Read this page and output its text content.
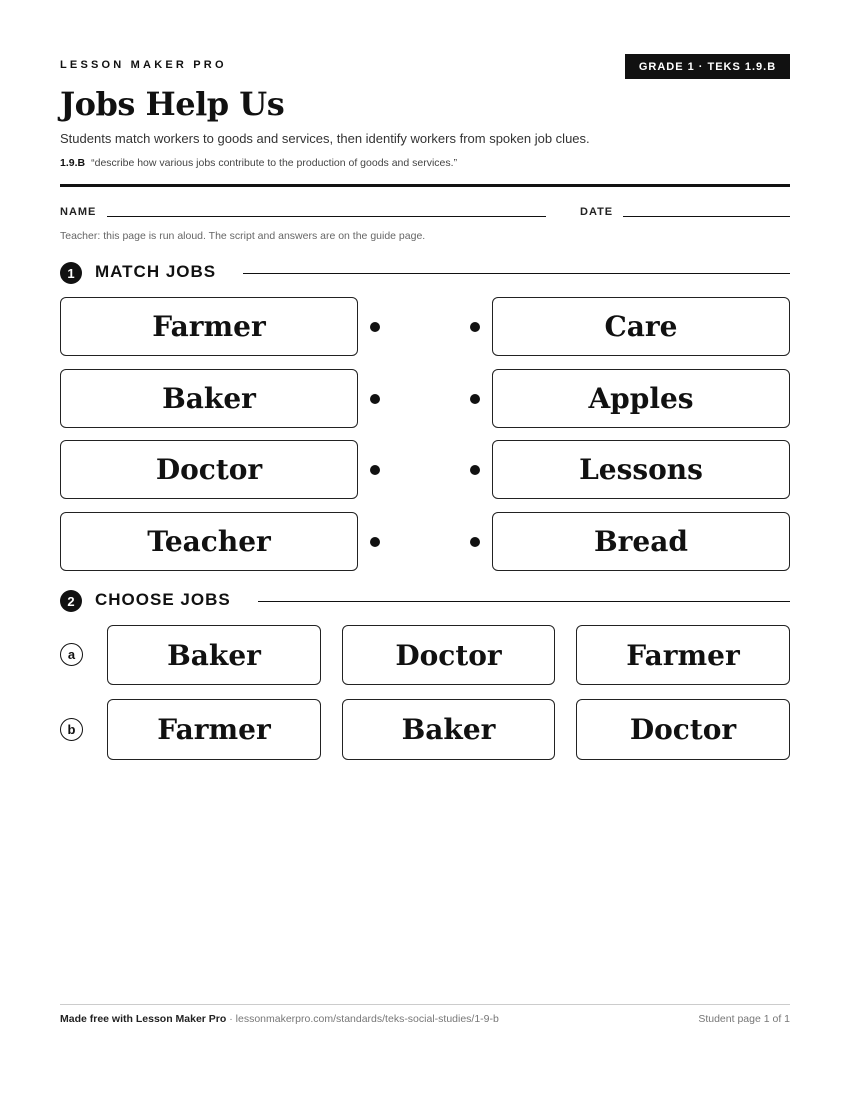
LESSON MAKER PRO	GRADE 1 · TEKS 1.9.B
Jobs Help Us
Students match workers to goods and services, then identify workers from spoken job clues.
1.9.B “describe how various jobs contribute to the production of goods and services.”
NAME	DATE
Teacher: this page is run aloud. The script and answers are on the guide page.
1	MATCH JOBS
Farmer	Care
Baker	Apples
Doctor	Lessons
Teacher	Bread
2	CHOOSE JOBS
a	Baker	Doctor	Farmer
b	Farmer	Baker	Doctor
Made free with Lesson Maker Pro · lessonmakerpro.com/standards/teks-social-studies/1-9-b	Student page 1 of 1
